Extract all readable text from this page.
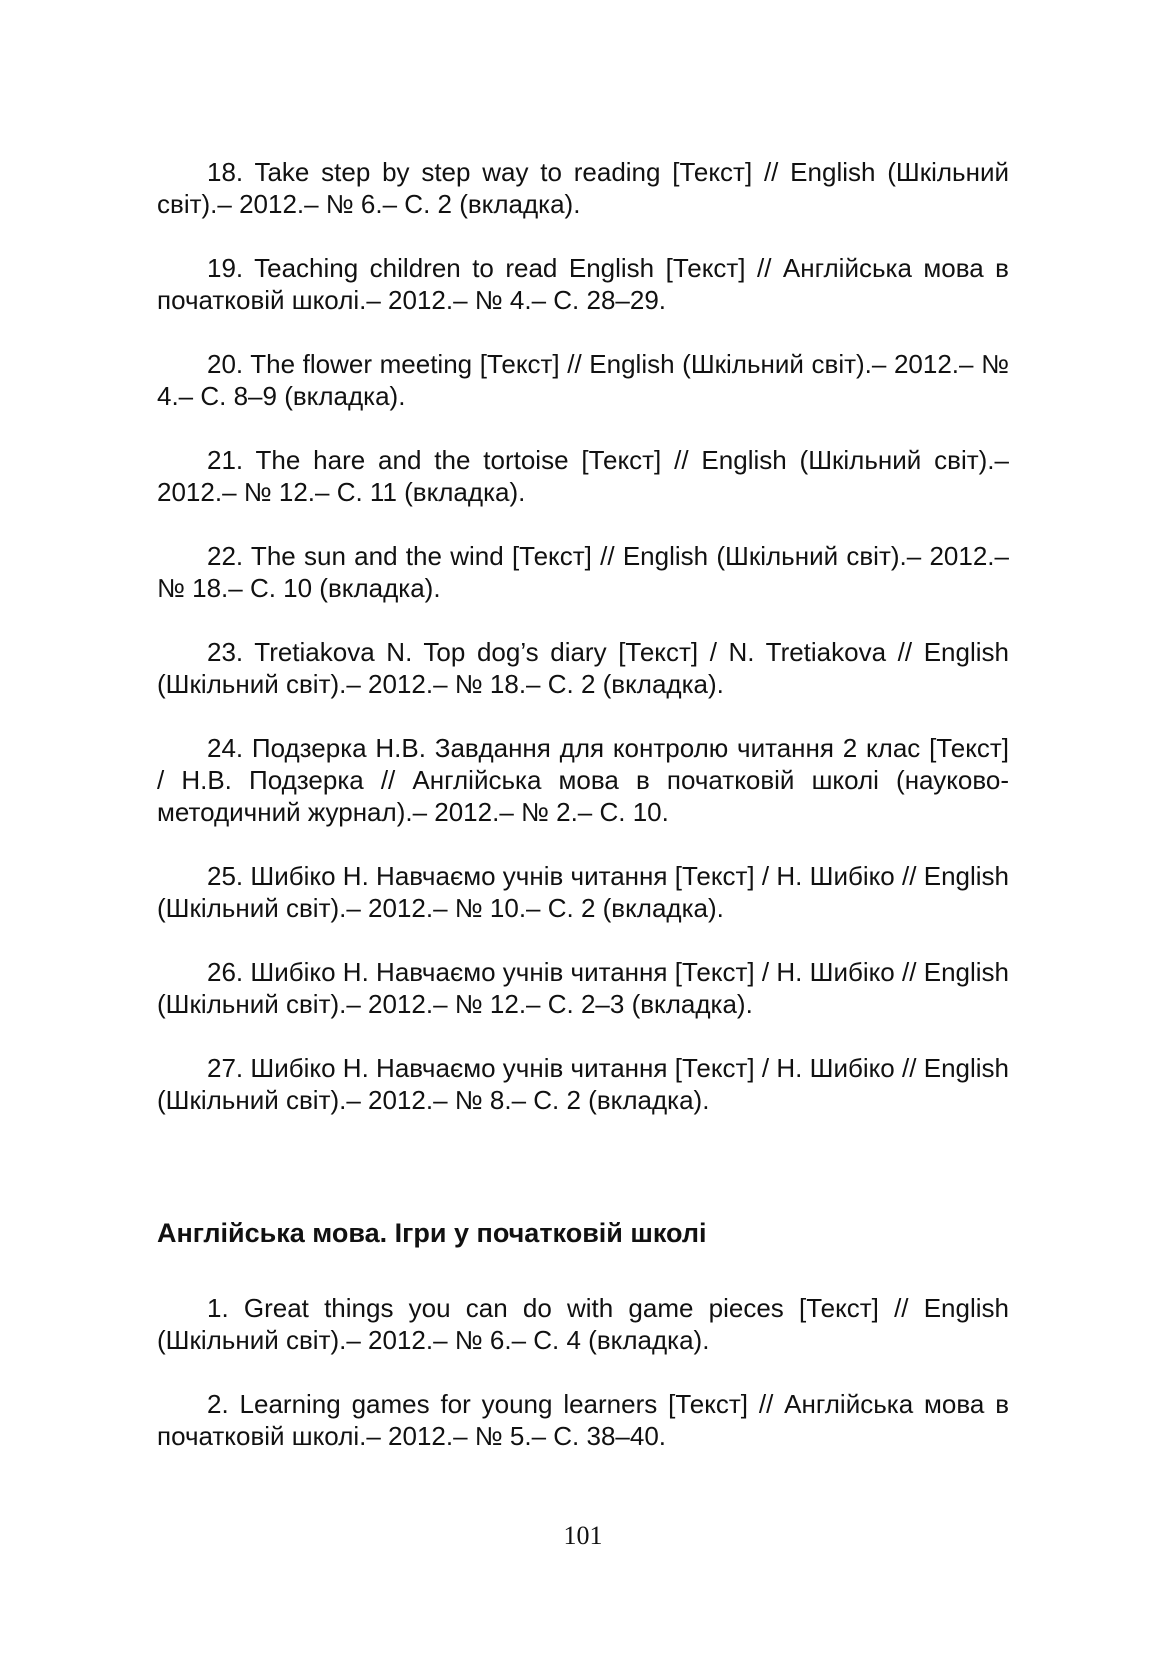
18. Take step by step way to reading [Текст] // English (Шкільний світ).– 2012.– № 6.– С. 2 (вкладка).

19. Teaching children to read English [Текст] // Англійська мова в початковій школі.– 2012.– № 4.– С. 28–29.

20. The flower meeting [Текст] // English (Шкільний світ).– 2012.– № 4.– С. 8–9 (вкладка).

21. The hare and the tortoise [Текст] // English (Шкільний світ).– 2012.– № 12.– С. 11 (вкладка).

22. The sun and the wind [Текст] // English (Шкільний світ).– 2012.– № 18.– С. 10 (вкладка).

23. Tretiakova N. Top dog’s diary [Текст] / N. Tretiakova // English (Шкільний світ).– 2012.– № 18.– С. 2 (вкладка).

24. Подзерка Н.В. Завдання для контролю читання 2 клас [Текст] / Н.В. Подзерка // Англійська мова в початковій школі (науково-методичний журнал).– 2012.– № 2.– С. 10.

25. Шибіко Н. Навчаємо учнів читання [Текст] / Н. Шибіко // English (Шкільний світ).– 2012.– № 10.– С. 2 (вкладка).

26. Шибіко Н. Навчаємо учнів читання [Текст] / Н. Шибіко // English (Шкільний світ).– 2012.– № 12.– С. 2–3 (вкладка).

27. Шибіко Н. Навчаємо учнів читання [Текст] / Н. Шибіко // English (Шкільний світ).– 2012.– № 8.– С. 2 (вкладка).

Англійська мова. Ігри у початковій школі

1. Great things you can do with game pieces [Текст] // English (Шкільний світ).– 2012.– № 6.– С. 4 (вкладка).

2. Learning games for young learners [Текст] // Англійська мова в початковій школі.– 2012.– № 5.– С. 38–40.

101
